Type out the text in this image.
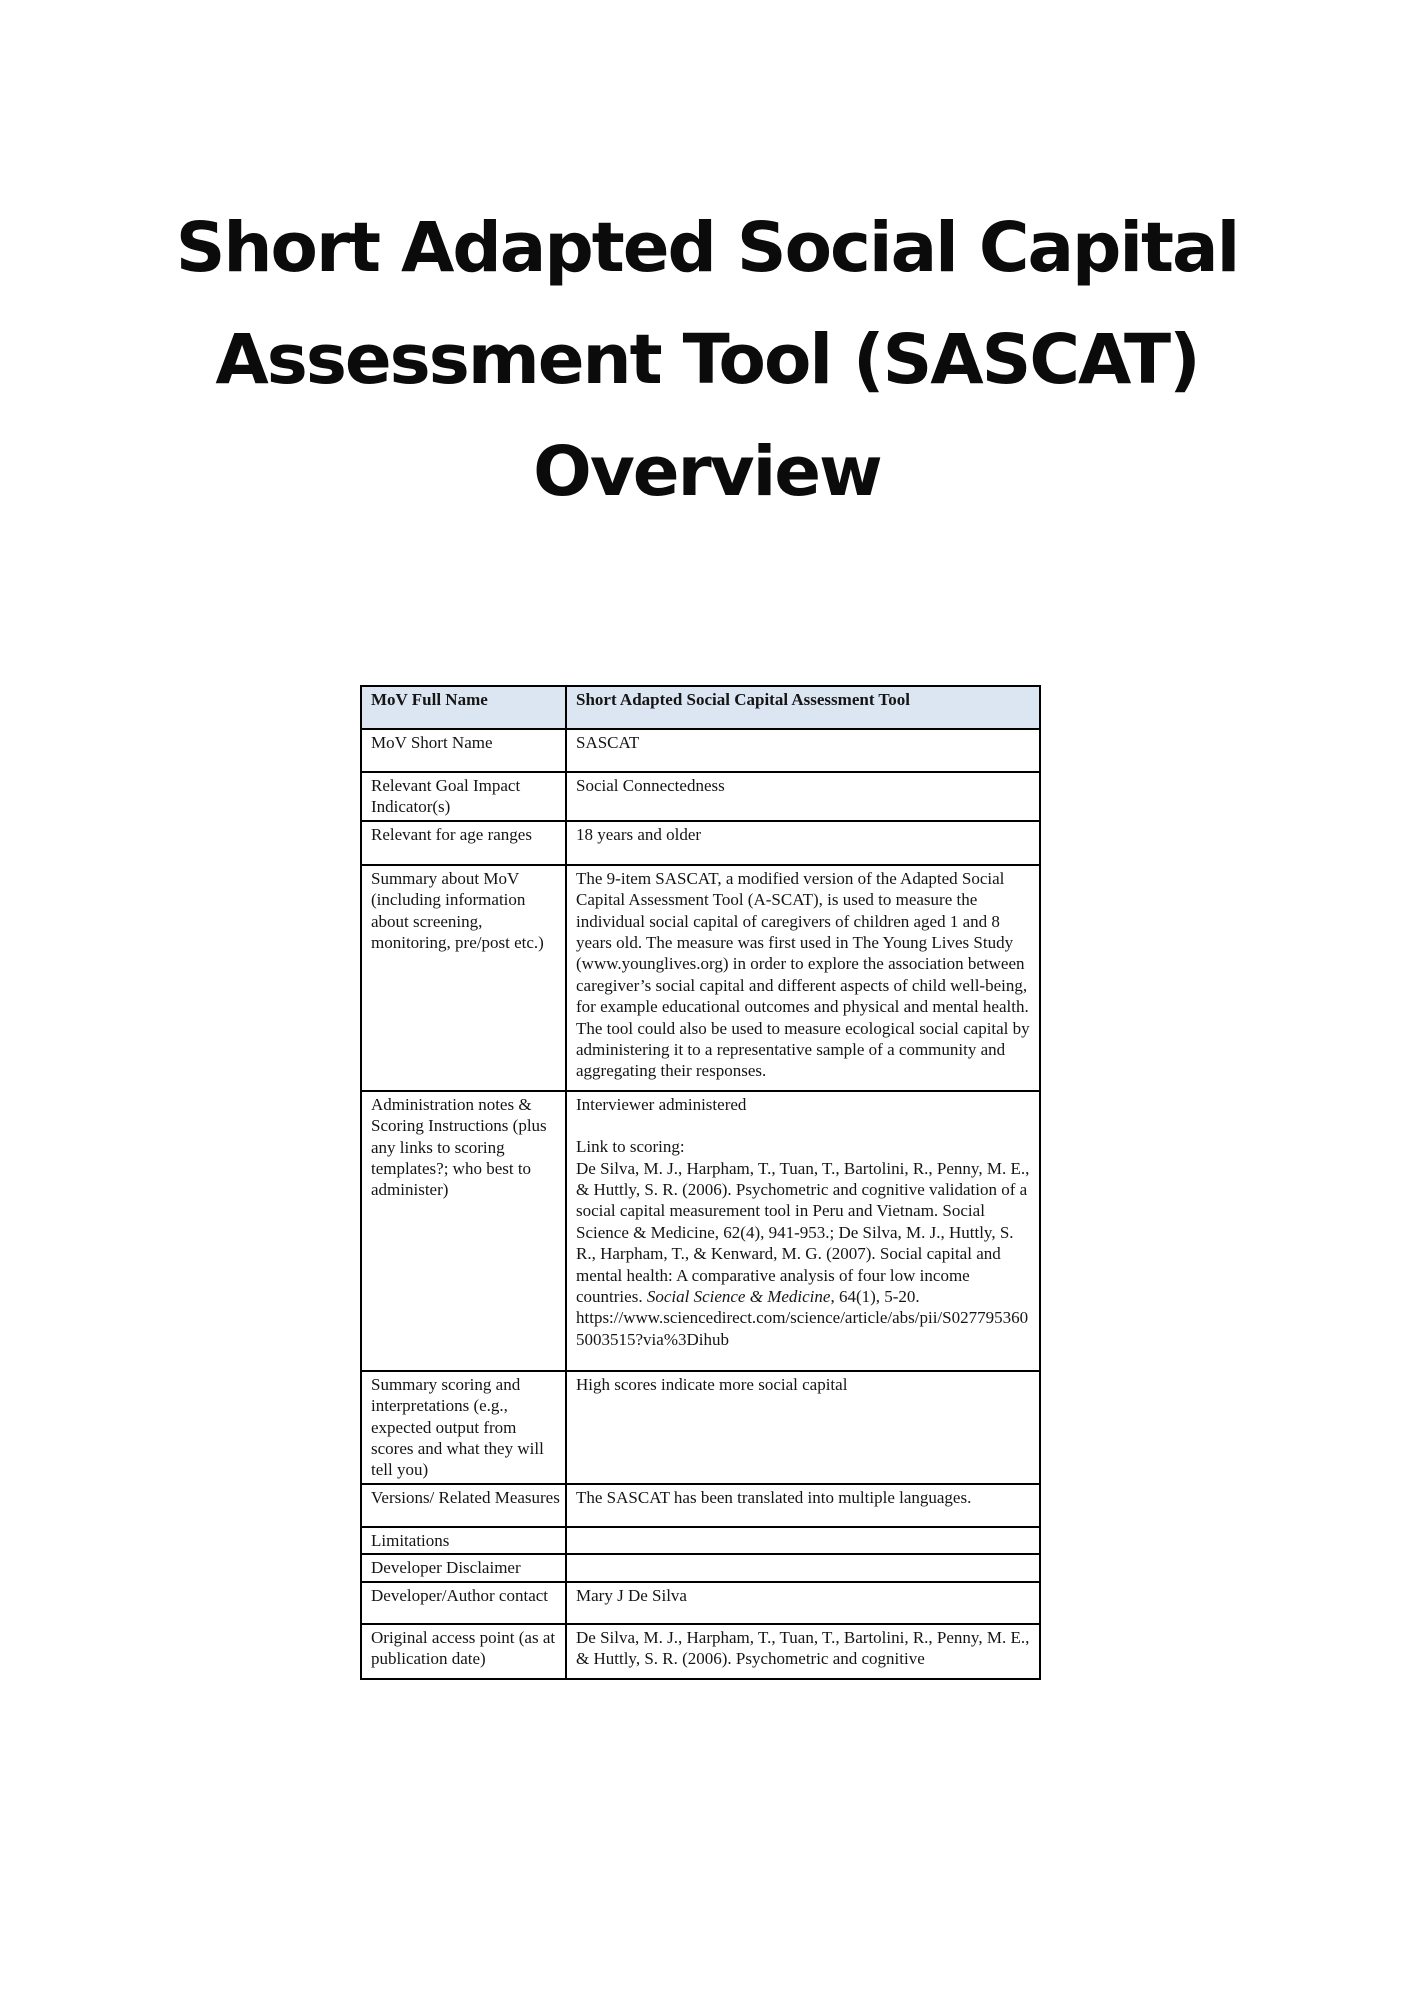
Short Adapted Social Capital
Assessment Tool (SASCAT)
Overview
MoV Full Name	Short Adapted Social Capital Assessment Tool
MoV Short Name	SASCAT
Relevant Goal Impact Indicator(s)	Social Connectedness
Relevant for age ranges	18 years and older
Summary about MoV (including information about screening, monitoring, pre/post etc.)	The 9-item SASCAT, a modified version of the Adapted Social Capital Assessment Tool (A-SCAT), is used to measure the individual social capital of caregivers of children aged 1 and 8 years old. The measure was first used in The Young Lives Study (www.younglives.org) in order to explore the association between caregiver’s social capital and different aspects of child well-being, for example educational outcomes and physical and mental health. The tool could also be used to measure ecological social capital by administering it to a representative sample of a community and aggregating their responses.
Administration notes & Scoring Instructions (plus any links to scoring templates?; who best to administer)	Interviewer administered

Link to scoring:

De Silva, M. J., Harpham, T., Tuan, T., Bartolini, R., Penny, M. E., & Huttly, S. R. (2006). Psychometric and cognitive validation of a social capital measurement tool in Peru and Vietnam. Social Science & Medicine, 62(4), 941-953.; De Silva, M. J., Huttly, S. R., Harpham, T., & Kenward, M. G. (2007). Social capital and mental health: A comparative analysis of four low income countries. Social Science & Medicine, 64(1), 5-20. https://www.sciencedirect.com/science/article/abs/pii/S0277953605003515?via%3Dihub

Summary scoring and interpretations (e.g., expected output from scores and what they will tell you)	High scores indicate more social capital
Versions/ Related Measures	The SASCAT has been translated into multiple languages.
Limitations	
Developer Disclaimer	
Developer/Author contact	Mary J De Silva
Original access point (as at publication date)	De Silva, M. J., Harpham, T., Tuan, T., Bartolini, R., Penny, M. E., & Huttly, S. R. (2006). Psychometric and cognitive
